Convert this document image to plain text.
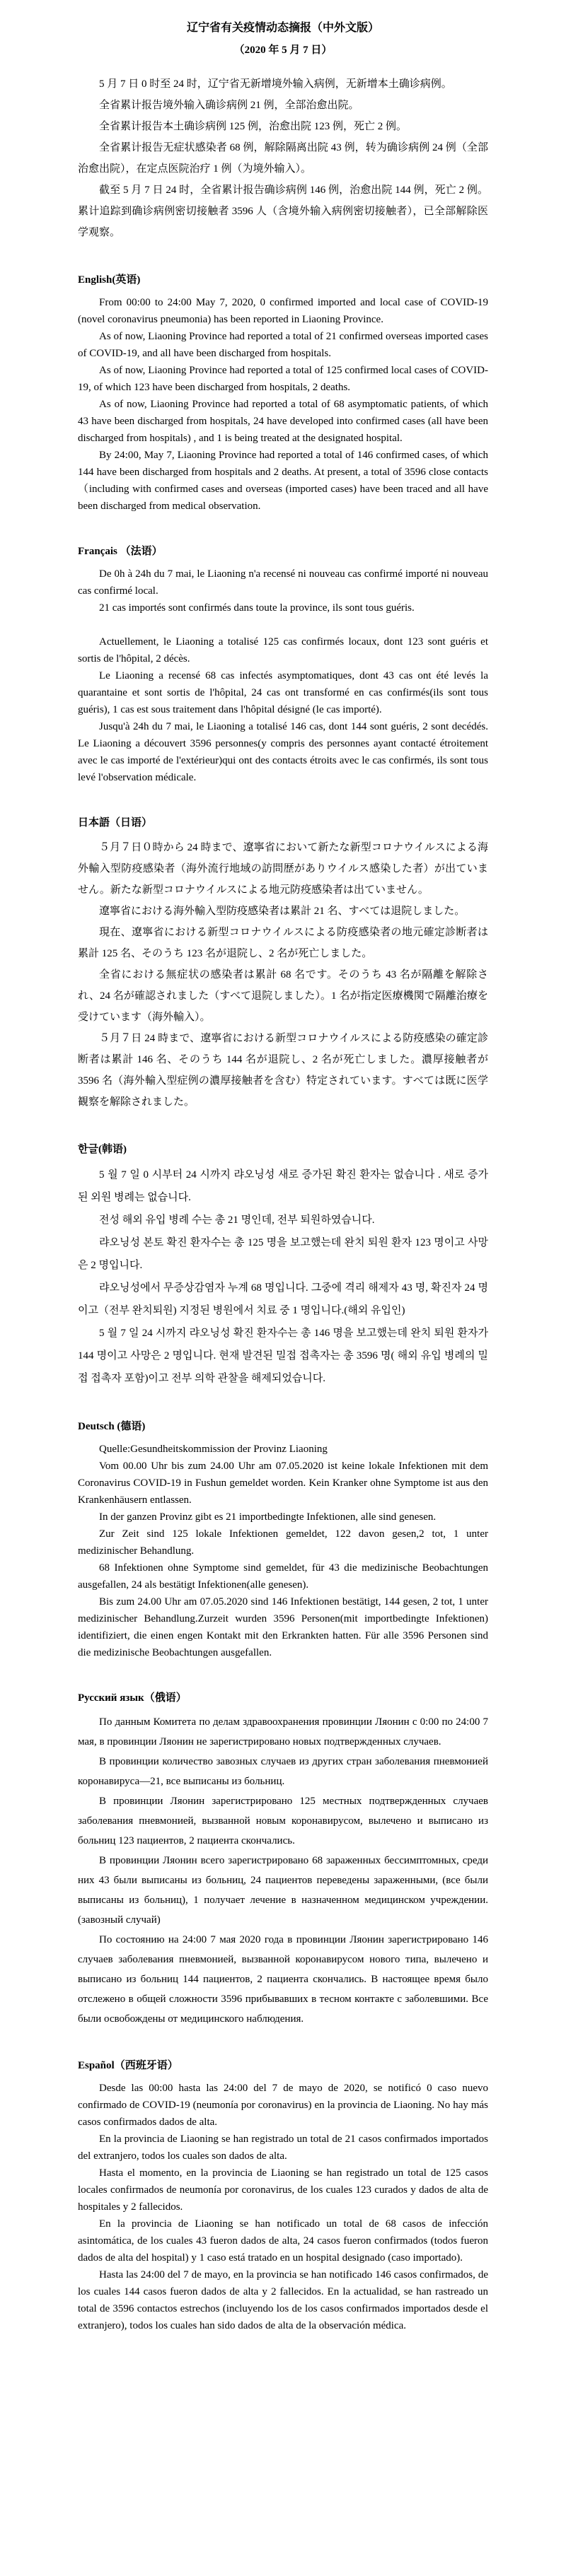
辽宁省有关疫情动态摘报（中外文版）
（2020 年 5 月 7 日）

5 月 7 日 0 时至 24 时，辽宁省无新增境外输入病例，无新增本土确诊病例。

全省累计报告境外输入确诊病例 21 例，全部治愈出院。

全省累计报告本土确诊病例 125 例，治愈出院 123 例，死亡 2 例。

全省累计报告无症状感染者 68 例，解除隔离出院 43 例，转为确诊病例 24 例（全部治愈出院），在定点医院治疗 1 例（为境外输入）。

截至 5 月 7 日 24 时，全省累计报告确诊病例 146 例，治愈出院 144 例，死亡 2 例。累计追踪到确诊病例密切接触者 3596 人（含境外输入病例密切接触者），已全部解除医学观察。

English(英语)

From 00:00 to 24:00 May 7, 2020, 0 confirmed imported and local case of COVID-19 (novel coronavirus pneumonia) has been reported in Liaoning Province.

As of now, Liaoning Province had reported a total of 21 confirmed overseas imported cases of COVID-19, and all have been discharged from hospitals.

As of now, Liaoning Province had reported a total of 125 confirmed local cases of COVID-19, of which 123 have been discharged from hospitals, 2 deaths.

As of now, Liaoning Province had reported a total of 68 asymptomatic patients, of which 43 have been discharged from hospitals, 24 have developed into confirmed cases (all have been discharged from hospitals) , and 1 is being treated at the designated hospital.

By 24:00, May 7, Liaoning Province had reported a total of 146 confirmed cases, of which 144 have been discharged from hospitals and 2 deaths. At present, a total of 3596 close contacts（including with confirmed cases and overseas (imported cases) have been traced and all have been discharged from medical observation.

Français （法语）

De 0h à 24h du 7 mai, le Liaoning n'a recensé ni nouveau cas confirmé importé ni nouveau cas confirmé local.

21 cas importés sont confirmés dans toute la province, ils sont tous guéris.

Actuellement, le Liaoning a totalisé 125 cas confirmés locaux, dont 123 sont guéris et sortis de l'hôpital, 2 décès.

Le Liaoning a recensé 68 cas infectés asymptomatiques, dont 43 cas ont été levés la quarantaine et sont sortis de l'hôpital, 24 cas ont transformé en cas confirmés(ils sont tous guéris), 1 cas est sous traitement dans l'hôpital désigné (le cas importé).

Jusqu'à 24h du 7 mai, le Liaoning a totalisé 146 cas, dont 144 sont guéris, 2 sont decédés. Le Liaoning a découvert 3596 personnes(y compris des personnes ayant contacté étroitement avec le cas importé de l'extérieur)qui ont des contacts étroits avec le cas confirmés, ils sont tous levé l'observation médicale.

日本語（日语）

５月７日０時から 24 時まで、遼寧省において新たな新型コロナウイルスによる海外輸入型防疫感染者（海外流行地域の訪問歴がありウイルス感染した者）が出ていません。新たな新型コロナウイルスによる地元防疫感染者は出ていません。

遼寧省における海外輸入型防疫感染者は累計 21 名、すべては退院しました。

現在、遼寧省における新型コロナウイルスによる防疫感染者の地元確定診断者は累計 125 名、そのうち 123 名が退院し、2 名が死亡しました。

全省における無症状の感染者は累計 68 名です。そのうち 43 名が隔離を解除され、24 名が確認されました（すべて退院しました）。1 名が指定医療機関で隔離治療を受けています（海外輸入）。

５月７日 24 時まで、遼寧省における新型コロナウイルスによる防疫感染の確定診断者は累計 146 名、そのうち 144 名が退院し、2 名が死亡しました。濃厚接触者が 3596 名（海外輸入型症例の濃厚接触者を含む）特定されています。すべては既に医学観察を解除されました。

한글(韩语)

5 월 7 일 0 시부터 24 시까지 랴오닝성 새로 증가된 확진 환자는 없습니다 . 새로 증가된 외원 병례는 없습니다.

전성 해외 유입 병례 수는 총 21 명인데, 전부 퇴원하였습니다.

랴오닝성 본토 확진 환자수는 총 125 명을 보고했는데 완치 퇴원 환자 123 명이고 사망은 2 명입니다.

랴오닝성에서 무증상감염자 누계 68 명입니다. 그중에 격리 해제자 43 명, 확진자 24 명이고（전부 완치퇴원) 지정된 병원에서 치료 중 1 명입니다.(해외 유입인)

5 월 7 일 24 시까지 랴오닝성 확진 환자수는 총 146 명을 보고했는데 완치 퇴원 환자가 144 명이고 사망은 2 명입니다. 현재 발견된 밀접 접촉자는 총 3596 명( 해외 유입 병례의 밀접 접촉자 포함)이고 전부 의학 관찰을 해제되었습니다.

Deutsch (德语)

Quelle:Gesundheitskommission der Provinz Liaoning

Vom 00.00 Uhr bis zum 24.00 Uhr am 07.05.2020 ist keine lokale Infektionen mit dem Coronavirus COVID-19 in Fushun gemeldet worden. Kein Kranker ohne Symptome ist aus den Krankenhäusern entlassen.

In der ganzen Provinz gibt es 21 importbedingte Infektionen, alle sind genesen.

Zur Zeit sind 125 lokale Infektionen gemeldet, 122 davon gesen,2 tot, 1 unter medizinischer Behandlung.

68 Infektionen ohne Symptome sind gemeldet, für 43 die medizinische Beobachtungen ausgefallen, 24 als bestätigt Infektionen(alle genesen).

Bis zum 24.00 Uhr am 07.05.2020 sind 146 Infektionen bestätigt, 144 gesen, 2 tot, 1 unter medizinischer Behandlung.Zurzeit wurden 3596 Personen(mit importbedingte Infektionen) identifiziert, die einen engen Kontakt mit den Erkrankten hatten. Für alle 3596 Personen sind die medizinische Beobachtungen ausgefallen.

Русский язык（俄语）

По данным Комитета по делам здравоохранения провинции Ляонин с 0:00 по 24:00 7 мая, в провинции Ляонин не зарегистрировано новых подтвержденных случаев.

В провинции количество завозных случаев из других стран заболевания пневмонией коронавируса—21, все выписаны из больниц.

В провинции Ляонин зарегистрировано 125 местных подтвержденных случаев заболевания пневмонией, вызванной новым коронавирусом, вылечено и выписано из больниц 123 пациентов, 2 пациента скончались.

В провинции Ляонин всего зарегистрировано 68 зараженных бессимптомных, среди них 43 были выписаны из больниц, 24 пациентов переведены зараженными, (все были выписаны из больниц), 1 получает лечение в назначенном медицинском учреждении. (завозный случай)

По состоянию на 24:00 7 мая 2020 года в провинции Ляонин зарегистрировано 146 случаев заболевания пневмонией, вызванной коронавирусом нового типа, вылечено и выписано из больниц 144 пациентов, 2 пациента скончались. В настоящее время было отслежено в общей сложности 3596 прибывавших в тесном контакте с заболевшими. Все были освобождены от медицинского наблюдения.

Español（西班牙语）

Desde las 00:00 hasta las 24:00 del 7 de mayo de 2020, se notificó 0 caso nuevo confirmado de COVID-19 (neumonía por coronavirus) en la provincia de Liaoning. No hay más casos confirmados dados de alta.

En la provincia de Liaoning se han registrado un total de 21 casos confirmados importados del extranjero, todos los cuales son dados de alta.

Hasta el momento, en la provincia de Liaoning se han registrado un total de 125 casos locales confirmados de neumonía por coronavirus, de los cuales 123 curados y dados de alta de hospitales y 2 fallecidos.

En la provincia de Liaoning se han notificado un total de 68 casos de infección asintomática, de los cuales 43 fueron dados de alta, 24 casos fueron confirmados (todos fueron dados de alta del hospital) y 1 caso está tratado en un hospital designado (caso importado).

Hasta las 24:00 del 7 de mayo, en la provincia se han notificado 146 casos confirmados, de los cuales 144 casos fueron dados de alta y 2 fallecidos. En la actualidad, se han rastreado un total de 3596 contactos estrechos (incluyendo los de los casos confirmados importados desde el extranjero), todos los cuales han sido dados de alta de la observación médica.
